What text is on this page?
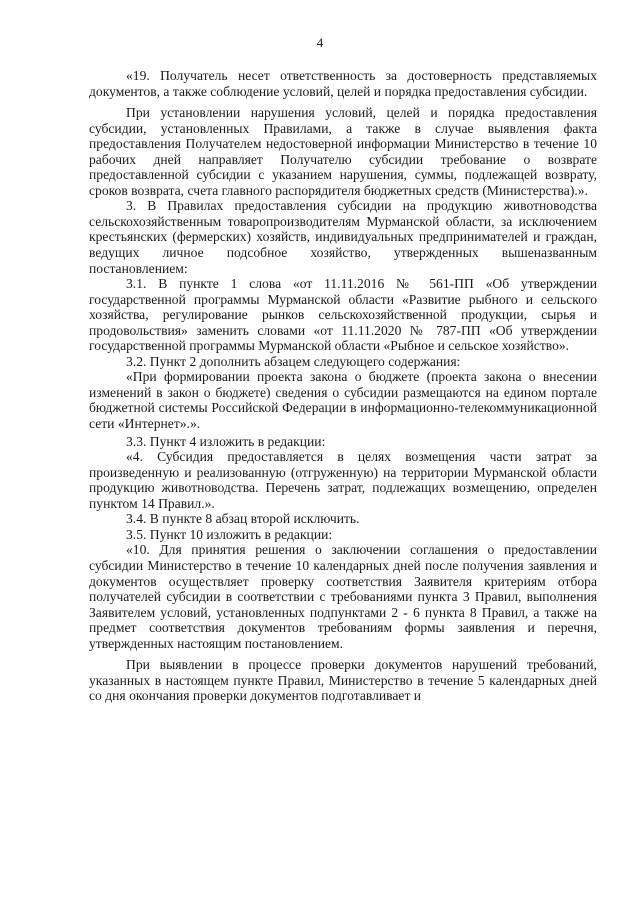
4

«19. Получатель несет ответственность за достоверность представляемых документов, а также соблюдение условий, целей и порядка предоставления субсидии.

При установлении нарушения условий, целей и порядка предоставления субсидии, установленных Правилами, а также в случае выявления факта предоставления Получателем недостоверной информации Министерство в течение 10 рабочих дней направляет Получателю субсидии требование о возврате предоставленной субсидии с указанием нарушения, суммы, подлежащей возврату, сроков возврата, счета главного распорядителя бюджетных средств (Министерства).».

3. В Правилах предоставления субсидии на продукцию животноводства сельскохозяйственным товаропроизводителям Мурманской области, за исключением крестьянских (фермерских) хозяйств, индивидуальных предпринимателей и граждан, ведущих личное подсобное хозяйство, утвержденных вышеназванным постановлением:

3.1. В пункте 1 слова «от 11.11.2016 № 561-ПП «Об утверждении государственной программы Мурманской области «Развитие рыбного и сельского хозяйства, регулирование рынков сельскохозяйственной продукции, сырья и продовольствия» заменить словами «от 11.11.2020 № 787-ПП «Об утверждении государственной программы Мурманской области «Рыбное и сельское хозяйство».

3.2. Пункт 2 дополнить абзацем следующего содержания:

«При формировании проекта закона о бюджете (проекта закона о внесении изменений в закон о бюджете) сведения о субсидии размещаются на едином портале бюджетной системы Российской Федерации в информационно-телекоммуникационной сети «Интернет».».

3.3. Пункт 4 изложить в редакции:

«4. Субсидия предоставляется в целях возмещения части затрат за произведенную и реализованную (отгруженную) на территории Мурманской области продукцию животноводства. Перечень затрат, подлежащих возмещению, определен пунктом 14 Правил.».

3.4. В пункте 8 абзац второй исключить.

3.5. Пункт 10 изложить в редакции:

«10. Для принятия решения о заключении соглашения о предоставлении субсидии Министерство в течение 10 календарных дней после получения заявления и документов осуществляет проверку соответствия Заявителя критериям отбора получателей субсидии в соответствии с требованиями пункта 3 Правил, выполнения Заявителем условий, установленных подпунктами 2 - 6 пункта 8 Правил, а также на предмет соответствия документов требованиям формы заявления и перечня, утвержденных настоящим постановлением.

При выявлении в процессе проверки документов нарушений требований, указанных в настоящем пункте Правил, Министерство в течение 5 календарных дней со дня окончания проверки документов подготавливает и
